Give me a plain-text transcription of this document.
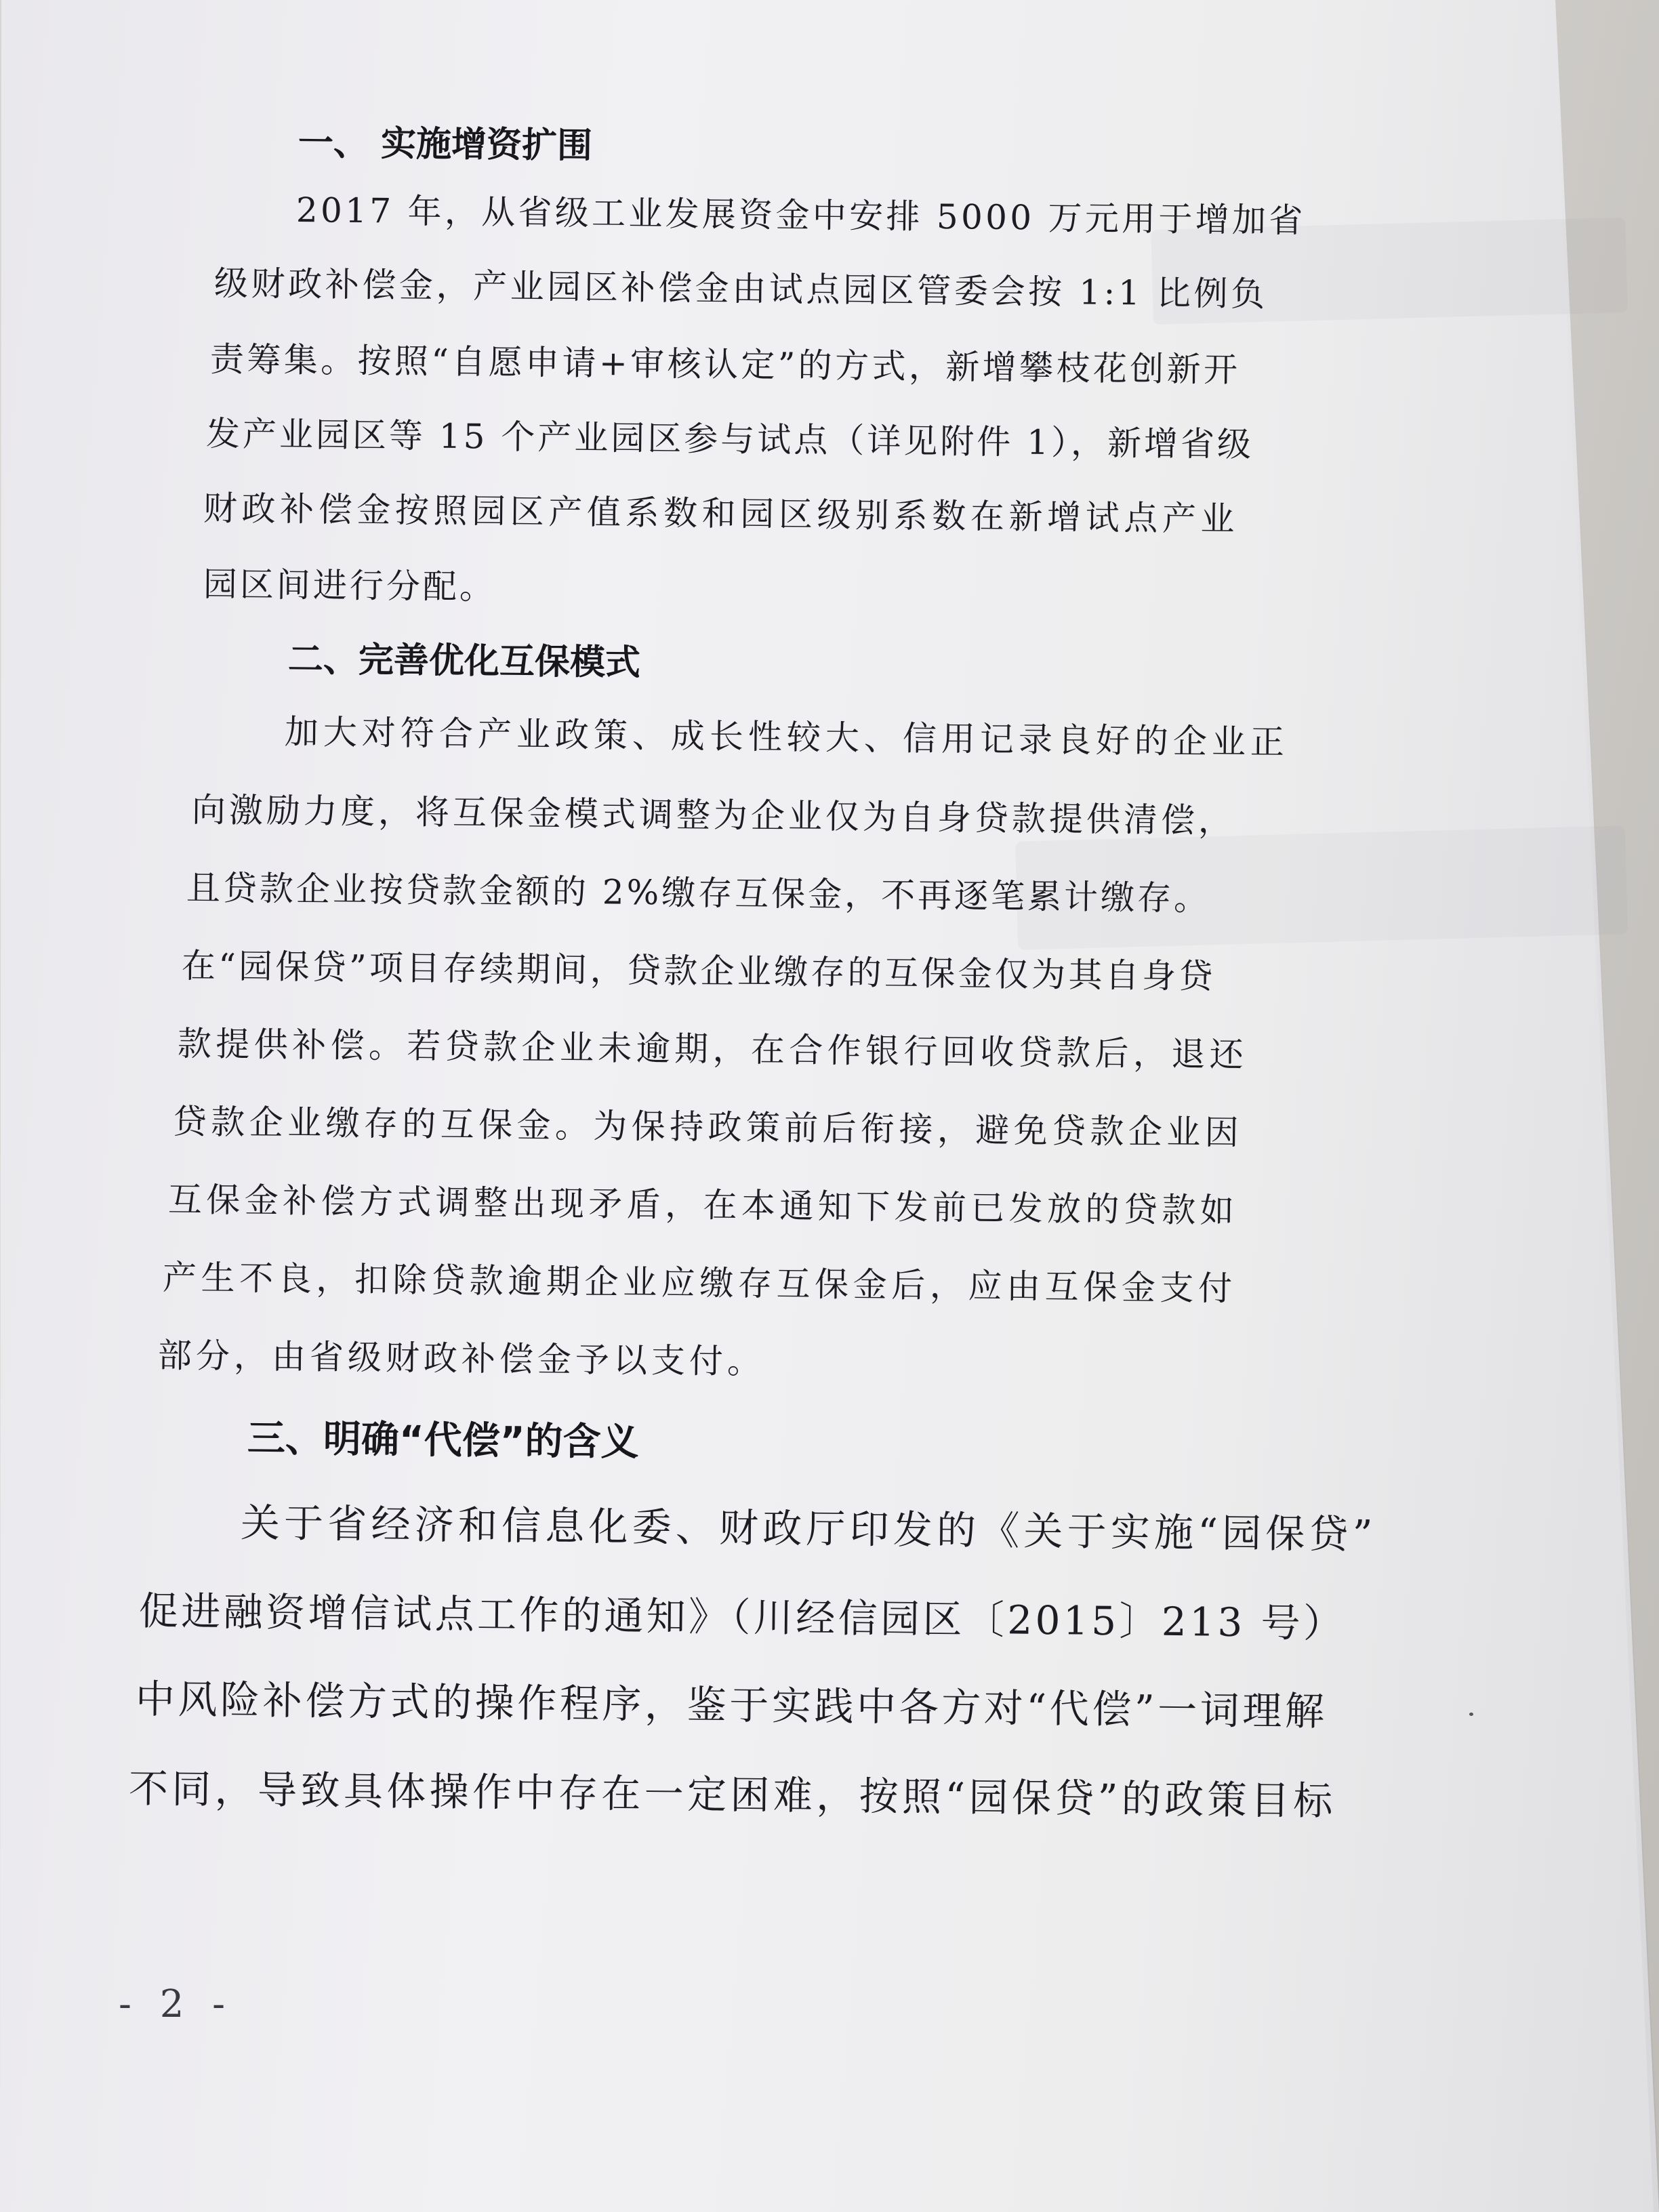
一、 实施增资扩围
2017 年，从省级工业发展资金中安排 5000 万元用于增加省
级财政补偿金，产业园区补偿金由试点园区管委会按 1:1 比例负
责筹集。按照“自愿申请+审核认定”的方式，新增攀枝花创新开
发产业园区等 15 个产业园区参与试点（详见附件 1），新增省级
财政补偿金按照园区产值系数和园区级别系数在新增试点产业
园区间进行分配。
二、完善优化互保模式
加大对符合产业政策、成长性较大、信用记录良好的企业正
向激励力度，将互保金模式调整为企业仅为自身贷款提供清偿，
且贷款企业按贷款金额的 2%缴存互保金，不再逐笔累计缴存。
在“园保贷”项目存续期间，贷款企业缴存的互保金仅为其自身贷
款提供补偿。若贷款企业未逾期，在合作银行回收贷款后，退还
贷款企业缴存的互保金。为保持政策前后衔接，避免贷款企业因
互保金补偿方式调整出现矛盾，在本通知下发前已发放的贷款如
产生不良，扣除贷款逾期企业应缴存互保金后，应由互保金支付
部分，由省级财政补偿金予以支付。
三、明确“代偿”的含义
关于省经济和信息化委、财政厅印发的《关于实施“园保贷”
促进融资增信试点工作的通知》（川经信园区〔2015〕213 号）
中风险补偿方式的操作程序，鉴于实践中各方对“代偿”一词理解
不同，导致具体操作中存在一定困难，按照“园保贷”的政策目标
- 2 -
